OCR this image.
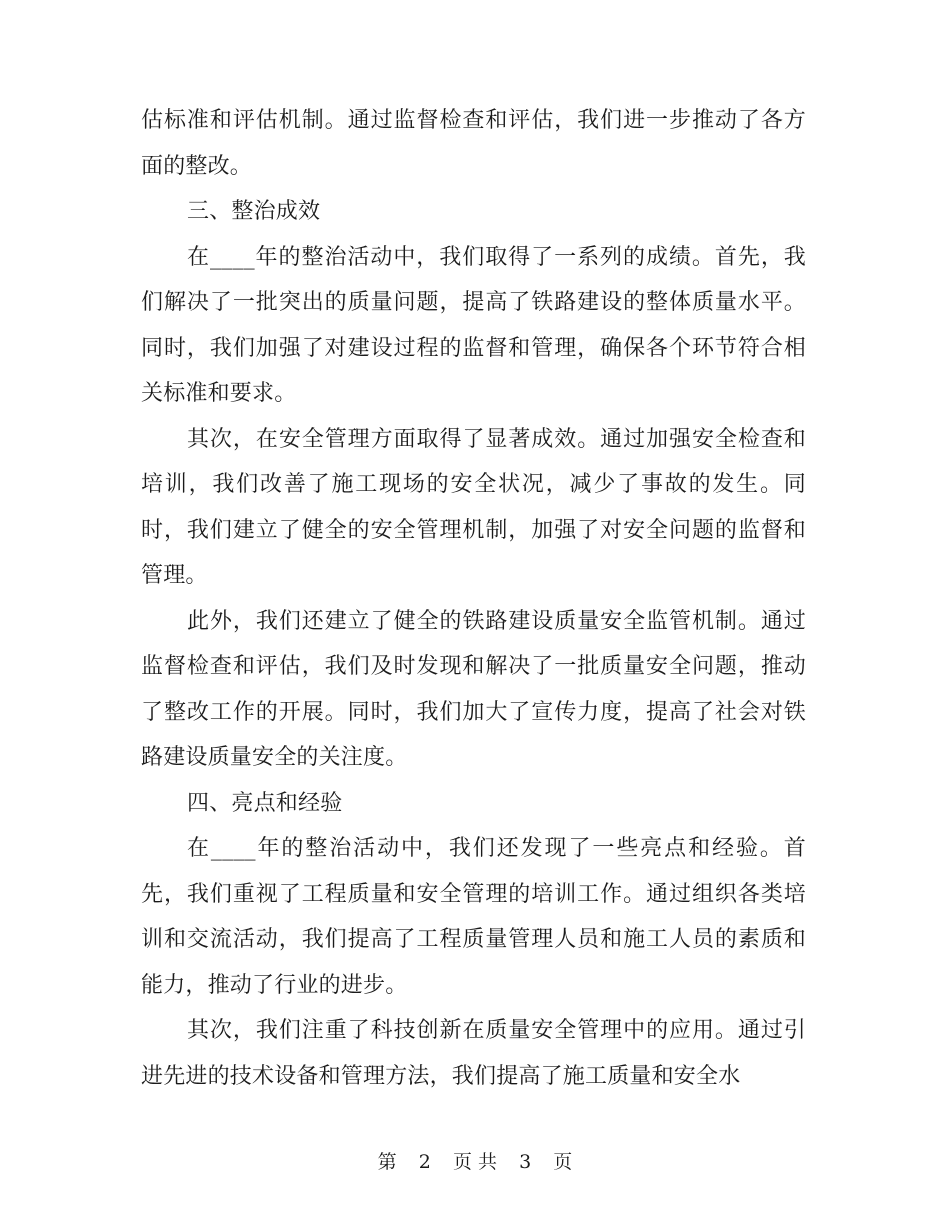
估标准和评估机制。通过监督检查和评估，我们进一步推动了各方面的整改。

三、整治成效

在____年的整治活动中，我们取得了一系列的成绩。首先，我们解决了一批突出的质量问题，提高了铁路建设的整体质量水平。同时，我们加强了对建设过程的监督和管理，确保各个环节符合相关标准和要求。

其次，在安全管理方面取得了显著成效。通过加强安全检查和培训，我们改善了施工现场的安全状况，减少了事故的发生。同时，我们建立了健全的安全管理机制，加强了对安全问题的监督和管理。

此外，我们还建立了健全的铁路建设质量安全监管机制。通过监督检查和评估，我们及时发现和解决了一批质量安全问题，推动了整改工作的开展。同时，我们加大了宣传力度，提高了社会对铁路建设质量安全的关注度。

四、亮点和经验

在____年的整治活动中，我们还发现了一些亮点和经验。首先，我们重视了工程质量和安全管理的培训工作。通过组织各类培训和交流活动，我们提高了工程质量管理人员和施工人员的素质和能力，推动了行业的进步。

其次，我们注重了科技创新在质量安全管理中的应用。通过引进先进的技术设备和管理方法，我们提高了施工质量和安全水

第 2 页 共 3 页
